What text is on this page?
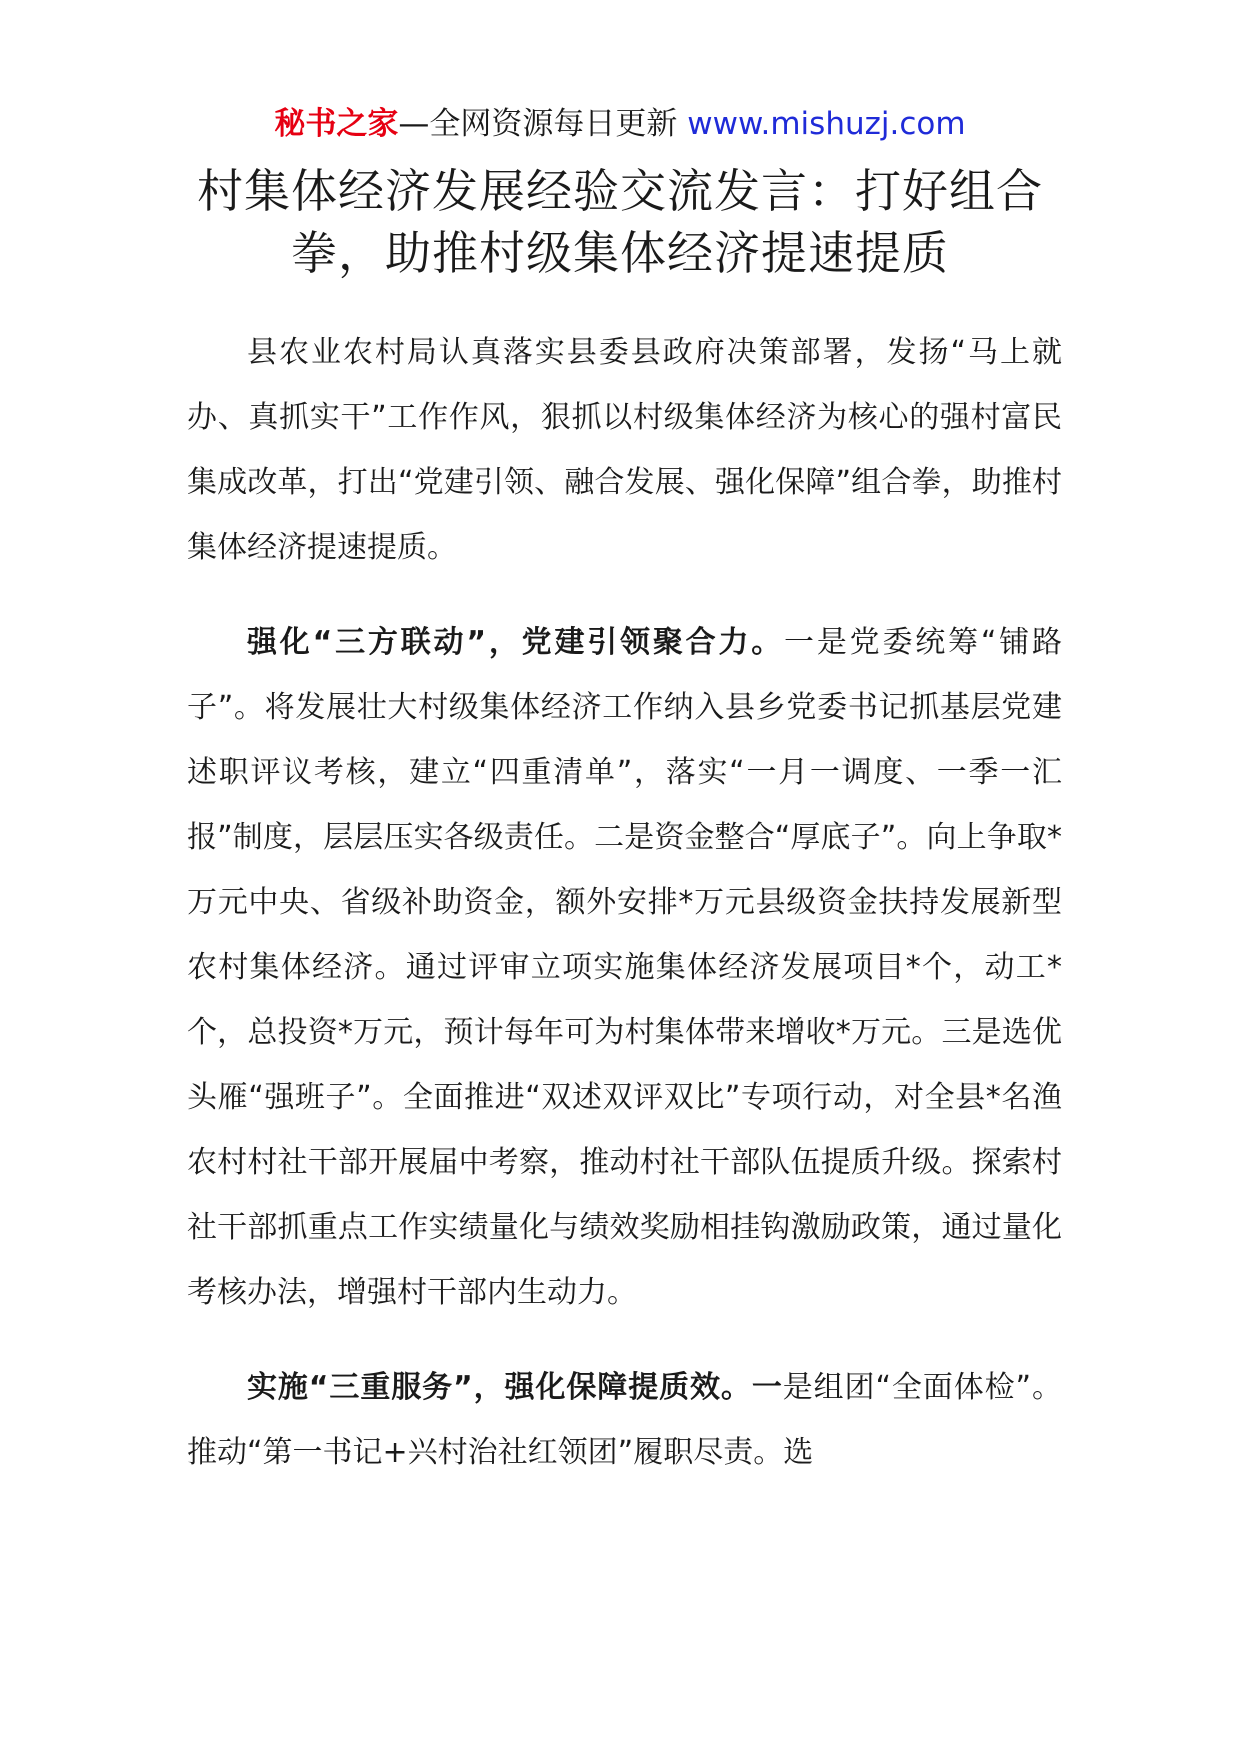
秘书之家—全网资源每日更新 www.mishuzj.com
村集体经济发展经验交流发言：打好组合拳，助推村级集体经济提速提质

县农业农村局认真落实县委县政府决策部署，发扬“马上就办、真抓实干”工作作风，狠抓以村级集体经济为核心的强村富民集成改革，打出“党建引领、融合发展、强化保障”组合拳，助推村集体经济提速提质。

强化“三方联动”，党建引领聚合力。一是党委统筹“铺路子”。将发展壮大村级集体经济工作纳入县乡党委书记抓基层党建述职评议考核，建立“四重清单”，落实“一月一调度、一季一汇报”制度，层层压实各级责任。二是资金整合“厚底子”。向上争取*万元中央、省级补助资金，额外安排*万元县级资金扶持发展新型农村集体经济。通过评审立项实施集体经济发展项目*个，动工*个，总投资*万元，预计每年可为村集体带来增收*万元。三是选优头雁“强班子”。全面推进“双述双评双比”专项行动，对全县*名渔农村村社干部开展届中考察，推动村社干部队伍提质升级。探索村社干部抓重点工作实绩量化与绩效奖励相挂钩激励政策，通过量化考核办法，增强村干部内生动力。

实施“三重服务”，强化保障提质效。一是组团“全面体检”。推动“第一书记+兴村治社红领团”履职尽责。选
